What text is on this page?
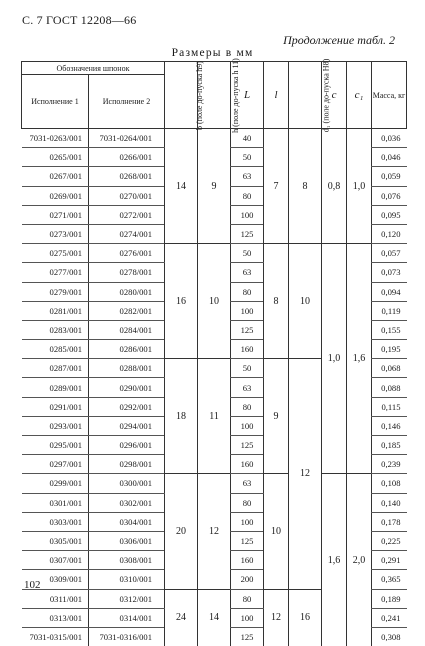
С. 7 ГОСТ 12208—66
Продолжение табл. 2
Размеры в мм
Обозначения шпонок		b (поле до-пуска h9)	h (поле до-пуска h 11)	L	l	d₁ (поле до-пуска H8)	c	c₁	Масса, кг
Исполнение 1	Исполнение 2								
7031-0263/001	7031-0264/001	14	9	40	7	8	0,8	1,0	0,036
0265/001	0266/001			50					0,046
0267/001	0268/001			63					0,059
0269/001	0270/001			80					0,076
0271/001	0272/001			100					0,095
0273/001	0274/001			125					0,120
0275/001	0276/001	16	10	50	8	10	1,0	1,6	0,057
0277/001	0278/001			63					0,073
0279/001	0280/001			80					0,094
0281/001	0282/001			100					0,119
0283/001	0284/001			125					0,155
0285/001	0286/001			160					0,195
0287/001	0288/001	18	11	50	9	12			0,068
0289/001	0290/001			63					0,088
0291/001	0292/001			80					0,115
0293/001	0294/001			100					0,146
0295/001	0296/001			125					0,185
0297/001	0298/001			160					0,239
0299/001	0300/001	20	12	63	10		1,6	2,0	0,108
0301/001	0302/001			80					0,140
0303/001	0304/001			100					0,178
0305/001	0306/001			125					0,225
0307/001	0308/001			160					0,291
0309/001	0310/001			200					0,365
0311/001	0312/001	24	14	80	12	16			0,189
0313/001	0314/001			100					0,241
7031-0315/001	7031-0316/001			125					0,308
102
